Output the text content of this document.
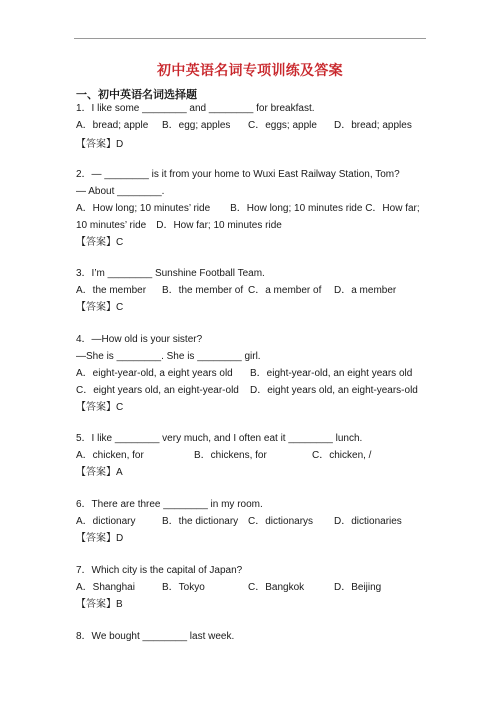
初中英语名词专项训练及答案
一、初中英语名词选择题
1．I like some ________ and ________ for breakfast.
A．bread; apple	B．egg; apples	C．eggs; apple	D．bread; apples
【答案】D
2．— ________ is it from your home to Wuxi East Railway Station, Tom?
— About ________.
A．How long; 10 minutes’ ride　　B．How long; 10 minutes ride C．How far; 10 minutes’ ride　D．How far; 10 minutes ride
【答案】C
3．I’m ________ Sunshine Football Team.
A．the member	B．the member of C．a member of	D．a member
【答案】C
4．—How old is your sister?
—She is ________. She is ________ girl.
A．eight-year-old, a eight years old	B．eight-year-old, an eight years old
C．eight years old, an eight-year-old	D．eight years old, an eight-years-old
【答案】C
5．I like ________ very much, and I often eat it ________ lunch.
A．chicken, for	B．chickens, for	C．chicken, /
【答案】A
6．There are three ________ in my room.
A．dictionary	B．the dictionary C．dictionarys	D．dictionaries
【答案】D
7．Which city is the capital of Japan?
A．Shanghai	B．Tokyo	C．Bangkok	D．Beijing
【答案】B
8．We bought ________ last week.
